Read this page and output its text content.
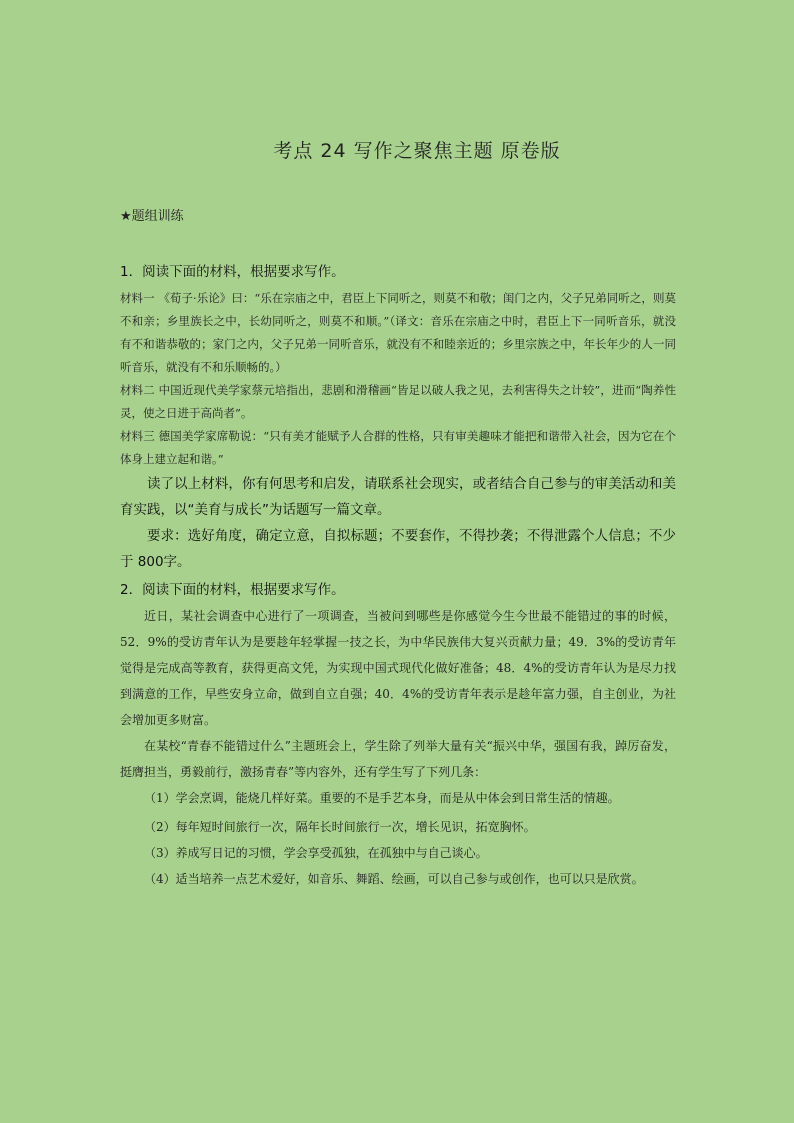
考点 24 写作之聚焦主题 原卷版
★题组训练

1．阅读下面的材料，根据要求写作。

材料一 《荀子·乐论》曰：“乐在宗庙之中，君臣上下同听之，则莫不和敬；闺门之内，父子兄弟同听之，则莫不和亲；乡里族长之中，长幼同听之，则莫不和顺。”（译文：音乐在宗庙之中时，君臣上下一同听音乐，就没有不和谐恭敬的；家门之内，父子兄弟一同听音乐，就没有不和睦亲近的；乡里宗族之中，年长年少的人一同听音乐，就没有不和乐顺畅的。）

材料二 中国近现代美学家蔡元培指出，悲剧和滑稽画“皆足以破人我之见，去利害得失之计较”，进而“陶养性灵，使之日进于高尚者”。

材料三 德国美学家席勒说：“只有美才能赋予人合群的性格，只有审美趣味才能把和谐带入社会，因为它在个体身上建立起和谐。”

读了以上材料，你有何思考和启发，请联系社会现实，或者结合自己参与的审美活动和美育实践，以“美育与成长”为话题写一篇文章。

要求：选好角度，确定立意，自拟标题；不要套作，不得抄袭；不得泄露个人信息；不少于 800字。

2．阅读下面的材料，根据要求写作。

近日，某社会调查中心进行了一项调查，当被问到哪些是你感觉今生今世最不能错过的事的时候，52．9%的受访青年认为是要趁年轻掌握一技之长，为中华民族伟大复兴贡献力量；49．3%的受访青年觉得是完成高等教育，获得更高文凭，为实现中国式现代化做好准备；48．4%的受访青年认为是尽力找到满意的工作，早些安身立命，做到自立自强；40．4%的受访青年表示是趁年富力强，自主创业，为社会增加更多财富。

在某校“青春不能错过什么”主题班会上，学生除了列举大量有关“振兴中华，强国有我，踔厉奋发，挺膺担当，勇毅前行，激扬青春”等内容外，还有学生写了下列几条：

（1）学会烹调，能烧几样好菜。重要的不是手艺本身，而是从中体会到日常生活的情趣。

（2）每年短时间旅行一次，隔年长时间旅行一次，增长见识，拓宽胸怀。

（3）养成写日记的习惯，学会享受孤独，在孤独中与自己谈心。

（4）适当培养一点艺术爱好，如音乐、舞蹈、绘画，可以自己参与或创作，也可以只是欣赏。
